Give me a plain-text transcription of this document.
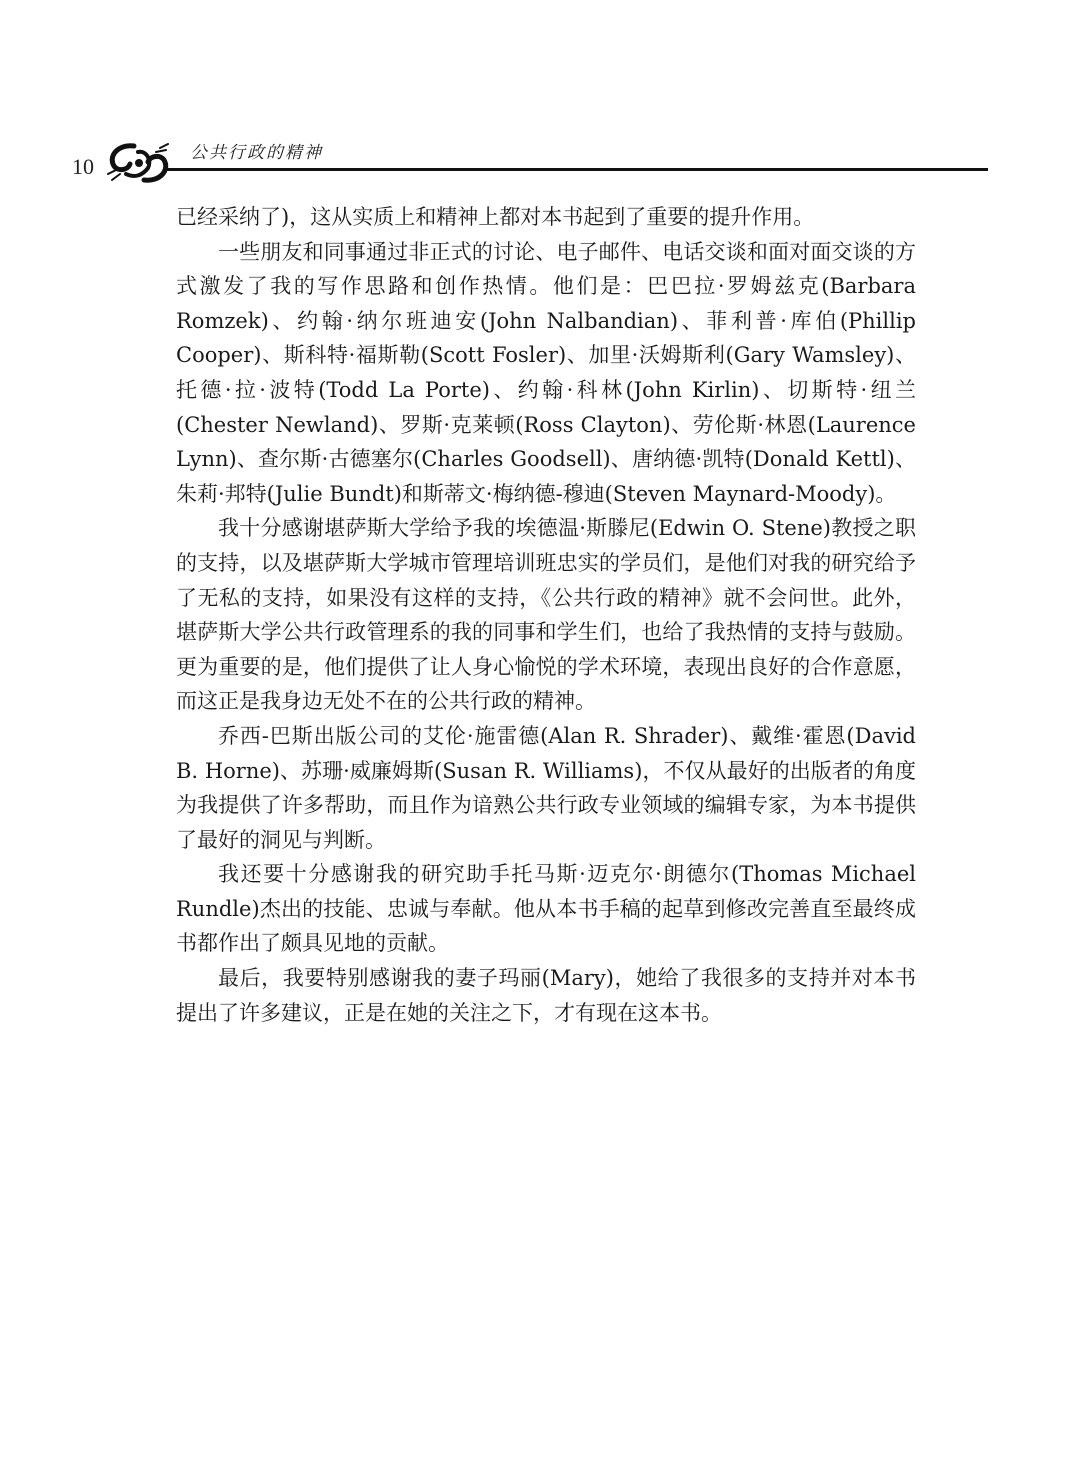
10
公共行政的精神

已经采纳了)，这从实质上和精神上都对本书起到了重要的提升作用。

一些朋友和同事通过非正式的讨论、电子邮件、电话交谈和面对面交谈的方式激发了我的写作思路和创作热情。他们是：巴巴拉·罗姆兹克(Barbara Romzek)、约翰·纳尔班迪安(John Nalbandian)、菲利普·库伯(Phillip Cooper)、斯科特·福斯勒(Scott Fosler)、加里·沃姆斯利(Gary Wamsley)、托德·拉·波特(Todd La Porte)、约翰·科林(John Kirlin)、切斯特·纽兰(Chester Newland)、罗斯·克莱顿(Ross Clayton)、劳伦斯·林恩(Laurence Lynn)、查尔斯·古德塞尔(Charles Goodsell)、唐纳德·凯特(Donald Kettl)、朱莉·邦特(Julie Bundt)和斯蒂文·梅纳德-穆迪(Steven Maynard-Moody)。

我十分感谢堪萨斯大学给予我的埃德温·斯滕尼(Edwin O. Stene)教授之职的支持，以及堪萨斯大学城市管理培训班忠实的学员们，是他们对我的研究给予了无私的支持，如果没有这样的支持，《公共行政的精神》就不会问世。此外，堪萨斯大学公共行政管理系的我的同事和学生们，也给了我热情的支持与鼓励。更为重要的是，他们提供了让人身心愉悦的学术环境，表现出良好的合作意愿，而这正是我身边无处不在的公共行政的精神。

乔西-巴斯出版公司的艾伦·施雷德(Alan R. Shrader)、戴维·霍恩(David B. Horne)、苏珊·威廉姆斯(Susan R. Williams)，不仅从最好的出版者的角度为我提供了许多帮助，而且作为谙熟公共行政专业领域的编辑专家，为本书提供了最好的洞见与判断。

我还要十分感谢我的研究助手托马斯·迈克尔·朗德尔(Thomas Michael Rundle)杰出的技能、忠诚与奉献。他从本书手稿的起草到修改完善直至最终成书都作出了颇具见地的贡献。

最后，我要特别感谢我的妻子玛丽(Mary)，她给了我很多的支持并对本书提出了许多建议，正是在她的关注之下，才有现在这本书。
